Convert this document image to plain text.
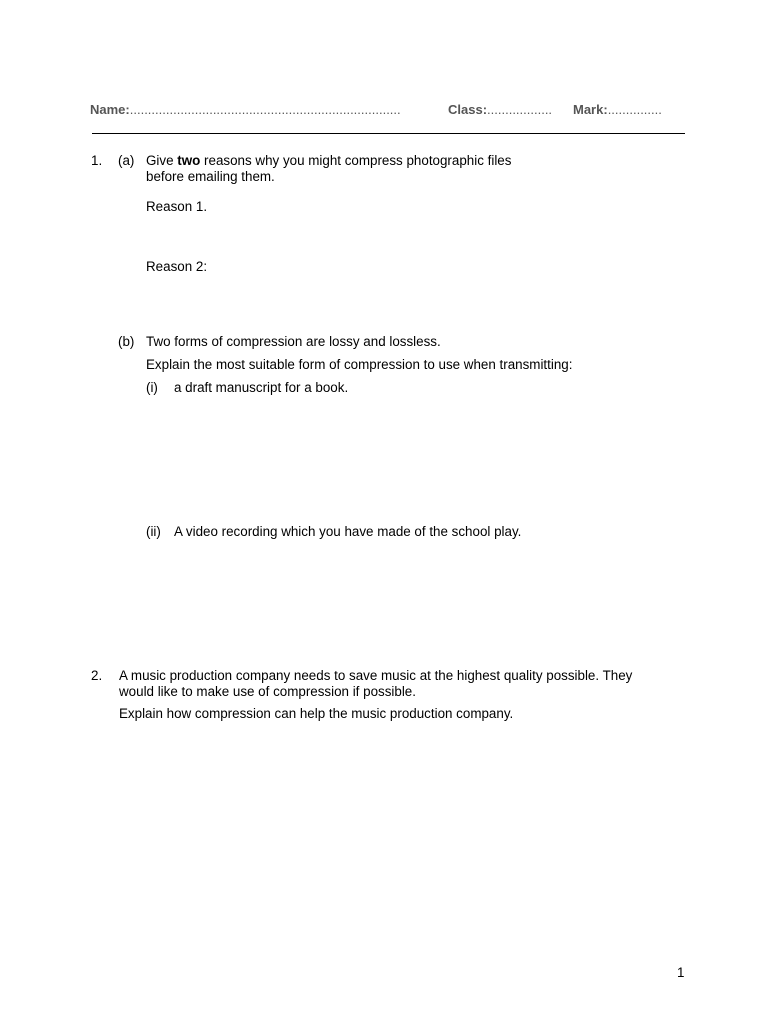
Name:...........................................................................	Class:.................. Mark:...............
1. (a) Give two reasons why you might compress photographic files
before emailing them.
Reason 1.
Reason 2:
(b) Two forms of compression are lossy and lossless.
Explain the most suitable form of compression to use when transmitting:
(i) a draft manuscript for a book.
(ii) A video recording which you have made of the school play.
2. A music production company needs to save music at the highest quality possible. They
would like to make use of compression if possible.
Explain how compression can help the music production company.
1
